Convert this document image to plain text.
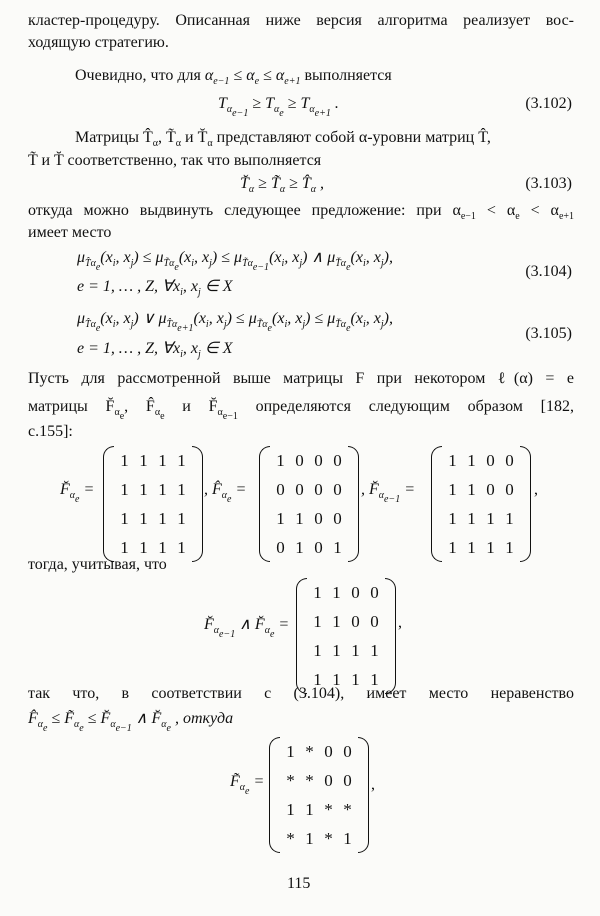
кластер-процедуру. Описанная ниже версия алгоритма реализует вос-
ходящую стратегию.
Очевидно, что для $\alpha_{e-1} \le \alpha_e \le \alpha_{e+1}$ выполняется
$T_{\alpha_{e-1}} \ge T_{\alpha_e} \ge T_{\alpha_{e+1}}$ .	(3.102)
Матрицы $T̂_\alpha$, $T̃_\alpha$ и $T̆_\alpha$ представляют собой α-уровни матриц T̂,
T̃ и T̆ соответственно, так что выполняется
$T̆_\alpha$ ≥ $T̃_\alpha$ ≥ $T̂_\alpha$ ,	(3.103)
откуда можно выдвинуть следующее предложение: при $\alpha_{e-1} < \alpha_e < \alpha_{e+1}$
имеет место
$\mu_{T̂\alpha_e}(x_i$, $x_j) \le \mu_{T̃\alpha_e}(x_i$, $x_j) \le \mu_{T̃\alpha_{e-1}}(x_i$, $x_j$) ∧ $\mu_{T̆\alpha_e}(x_i$, $x_j$),
e = 1, … , Z, $\forall x_i$, $x_j$ ∈ X
(3.104)
$\mu_{T̂\alpha_e}(x_i$, $x_j$) ∨ $\mu_{T̂\alpha_{e+1}}(x_i$, $x_j) \le \mu_{T̃\alpha_e}(x_i$, $x_j) \le \mu_{T̆\alpha_e}(x_i$, $x_j$),
e = 1, … , Z, $\forall x_i$, $x_j$ ∈ X
(3.105)
Пусть для рассмотренной выше матрицы F при некотором ℓ(α) = e
матрицы $F̆_{\alpha_e}$, $F̂_{\alpha_e}$ и $F̆_{\alpha_{e-1}}$ определяются следующим образом [182,
с.155]:
$F̆_{\alpha_e}$ =
1	1	1	1
1	1	1	1
1	1	1	1
1	1	1	1
, $F̂_{\alpha_e}$ =
1	0	0	0
0	0	0	0
1	1	0	0
0	1	0	1
, $F̆_{\alpha_{e-1}}$ =
1	1	0	0
1	1	0	0
1	1	1	1
1	1	1	1
,
тогда, учитывая, что
$F̆_{\alpha_{e-1}}$ ∧ $F̆_{\alpha_e}$ =
1	1	0	0
1	1	0	0
1	1	1	1
1	1	1	1
,
так что, в соответствии с (3.104), имеет место неравенство
$F̂_{\alpha_e}$ ≤ $F̃_{\alpha_e}$ ≤ $F̆_{\alpha_{e-1}}$ ∧ $F̆_{\alpha_e}$ , откуда
$F̃_{\alpha_e}$ =
1	*	0	0
*	*	0	0
1	1	*	*
*	1	*	1
,
115
